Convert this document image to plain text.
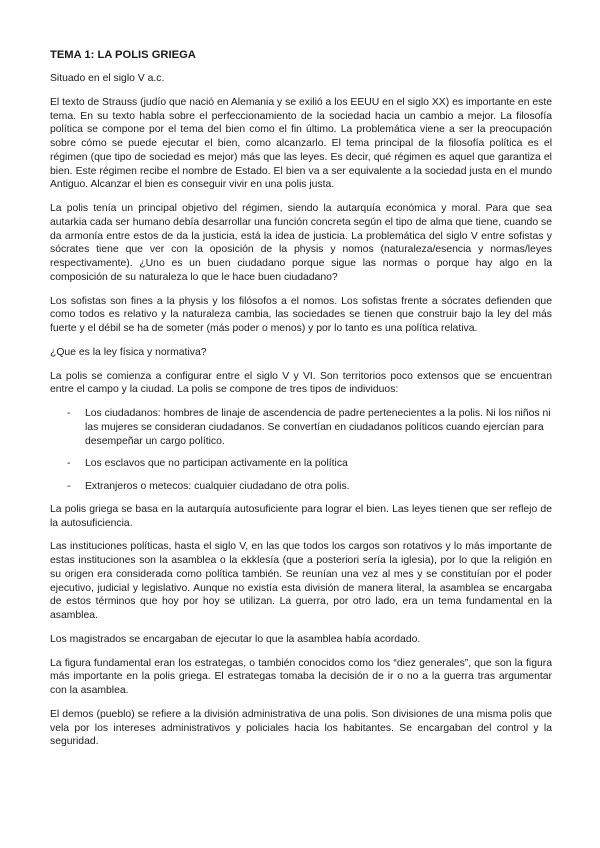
TEMA 1: LA POLIS GRIEGA

Situado en el siglo V a.c.

El texto de Strauss (judío que nació en Alemania y se exilió a los EEUU en el siglo XX) es importante en este tema. En su texto habla sobre el perfeccionamiento de la sociedad hacia un cambio a mejor. La filosofía política se compone por el tema del bien como el fin último. La problemática viene a ser la preocupación sobre cómo se puede ejecutar el bien, como alcanzarlo. El tema principal de la filosofía política es el régimen (que tipo de sociedad es mejor) más que las leyes. Es decir, qué régimen es aquel que garantiza el bien. Este régimen recibe el nombre de Estado. El bien va a ser equivalente a la sociedad justa en el mundo Antiguo. Alcanzar el bien es conseguir vivir en una polis justa.

La polis tenía un principal objetivo del régimen, siendo la autarquía económica y moral. Para que sea autarkia cada ser humano debía desarrollar una función concreta según el tipo de alma que tiene, cuando se da armonía entre estos de da la justicia, está la idea de justicia. La problemática del siglo V entre sofistas y sócrates tiene que ver con la oposición de la physis y nomos (naturaleza/esencia y normas/leyes respectivamente). ¿Uno es un buen ciudadano porque sigue las normas o porque hay algo en la composición de su naturaleza lo que le hace buen ciudadano?

Los sofistas son fines a la physis y los filósofos a el nomos. Los sofistas frente a sócrates defienden que como todos es relativo y la naturaleza cambia, las sociedades se tienen que construir bajo la ley del más fuerte y el débil se ha de someter (más poder o menos) y por lo tanto es una política relativa.

¿Que es la ley física y normativa?

La polis se comienza a configurar entre el siglo V y VI. Son territorios poco extensos que se encuentran entre el campo y la ciudad. La polis se compone de tres tipos de individuos:

- Los ciudadanos: hombres de linaje de ascendencia de padre pertenecientes a la polis. Ni los niños ni las mujeres se consideran ciudadanos. Se convertían en ciudadanos políticos cuando ejercían para desempeñar un cargo político.
- Los esclavos que no participan activamente en la política
- Extranjeros o metecos: cualquier ciudadano de otra polis.

La polis griega se basa en la autarquía autosuficiente para lograr el bien. Las leyes tienen que ser reflejo de la autosuficiencia.

Las instituciones políticas, hasta el siglo V, en las que todos los cargos son rotativos y lo más importante de estas instituciones son la asamblea o la ekklesía (que a posteriori sería la iglesia), por lo que la religión en su origen era considerada como política también. Se reunían una vez al mes y se constituían por el poder ejecutivo, judicial y legislativo. Aunque no existía esta división de manera literal, la asamblea se encargaba de estos términos que hoy por hoy se utilizan. La guerra, por otro lado, era un tema fundamental en la asamblea.

Los magistrados se encargaban de ejecutar lo que la asamblea había acordado.

La figura fundamental eran los estrategas, o también conocidos como los “diez generales”, que son la figura más importante en la polis griega. El estrategas tomaba la decisión de ir o no a la guerra tras argumentar con la asamblea.

El demos (pueblo) se refiere a la división administrativa de una polis. Son divisiones de una misma polis que vela por los intereses administrativos y policiales hacia los habitantes. Se encargaban del control y la seguridad.
